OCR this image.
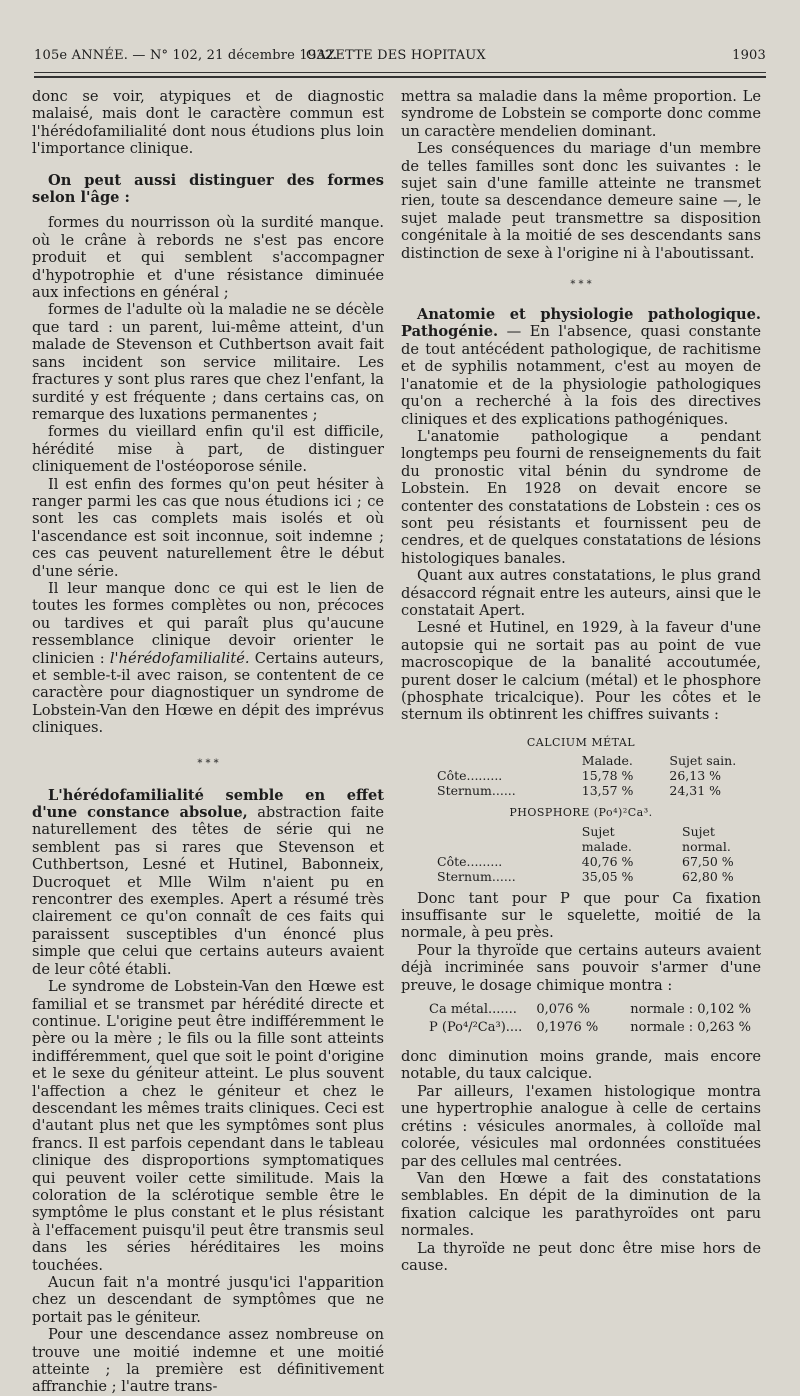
105e ANNÉE. — N° 102, 21 décembre 1932.
GAZETTE DES HOPITAUX	1903

donc se voir, atypiques et de diagnostic malaisé, mais dont le caractère commun est l'hérédofamilialité dont nous étudions plus loin l'importance clinique.

On peut aussi distinguer des formes selon l'âge :

formes du nourrisson où la surdité manque. où le crâne à rebords ne s'est pas encore produit et qui semblent s'accompagner d'hypotrophie et d'une résistance diminuée aux infections en général ;

formes de l'adulte où la maladie ne se décèle que tard : un parent, lui-même atteint, d'un malade de Stevenson et Cuthbertson avait fait sans incident son service militaire. Les fractures y sont plus rares que chez l'enfant, la surdité y est fréquente ; dans certains cas, on remarque des luxations permanentes ;

formes du vieillard enfin qu'il est difficile, hérédité mise à part, de distinguer cliniquement de l'ostéoporose sénile.

Il est enfin des formes qu'on peut hésiter à ranger parmi les cas que nous étudions ici ; ce sont les cas complets mais isolés et où l'ascendance est soit inconnue, soit indemne ; ces cas peuvent naturellement être le début d'une série.

Il leur manque donc ce qui est le lien de toutes les formes complètes ou non, précoces ou tardives et qui paraît plus qu'aucune ressemblance clinique devoir orienter le clinicien : l'hérédofamilialité. Certains auteurs, et semble-t-il avec raison, se contentent de ce caractère pour diagnostiquer un syndrome de Lobstein-Van den Hœwe en dépit des imprévus cliniques.

* * *

L'hérédofamilialité semble en effet d'une constance absolue, abstraction faite naturellement des têtes de série qui ne semblent pas si rares que Stevenson et Cuthbertson, Lesné et Hutinel, Babonneix, Ducroquet et Mlle Wilm n'aient pu en rencontrer des exemples. Apert a résumé très clairement ce qu'on connaît de ces faits qui paraissent susceptibles d'un énoncé plus simple que celui que certains auteurs avaient de leur côté établi.

Le syndrome de Lobstein-Van den Hœwe est familial et se transmet par hérédité directe et continue. L'origine peut être indifféremment le père ou la mère ; le fils ou la fille sont atteints indifféremment, quel que soit le point d'origine et le sexe du géniteur atteint. Le plus souvent l'affection a chez le géniteur et chez le descendant les mêmes traits cliniques. Ceci est d'autant plus net que les symptômes sont plus francs. Il est parfois cependant dans le tableau clinique des disproportions symptomatiques qui peuvent voiler cette similitude. Mais la coloration de la sclérotique semble être le symptôme le plus constant et le plus résistant à l'effacement puisqu'il peut être transmis seul dans les séries héréditaires les moins touchées.

Aucun fait n'a montré jusqu'ici l'apparition chez un descendant de symptômes que ne portait pas le géniteur.

Pour une descendance assez nombreuse on trouve une moitié indemne et une moitié atteinte ; la première est définitivement affranchie ; l'autre trans-

mettra sa maladie dans la même proportion. Le syndrome de Lobstein se comporte donc comme un caractère mendelien dominant.

Les conséquences du mariage d'un membre de telles familles sont donc les suivantes : le sujet sain d'une famille atteinte ne transmet rien, toute sa descendance demeure saine —, le sujet malade peut transmettre sa disposition congénitale à la moitié de ses descendants sans distinction de sexe à l'origine ni à l'aboutissant.

* * *

Anatomie et physiologie pathologique. Pathogénie. — En l'absence, quasi constante de tout antécédent pathologique, de rachitisme et de syphilis notamment, c'est au moyen de l'anatomie et de la physiologie pathologiques qu'on a recherché à la fois des directives cliniques et des explications pathogéniques.

L'anatomie pathologique a pendant longtemps peu fourni de renseignements du fait du pronostic vital bénin du syndrome de Lobstein. En 1928 on devait encore se contenter des constatations de Lobstein : ces os sont peu résistants et fournissent peu de cendres, et de quelques constatations de lésions histologiques banales.

Quant aux autres constatations, le plus grand désaccord régnait entre les auteurs, ainsi que le constatait Apert.

Lesné et Hutinel, en 1929, à la faveur d'une autopsie qui ne sortait pas au point de vue macroscopique de la banalité accoutumée, purent doser le calcium (métal) et le phosphore (phosphate tricalcique). Pour les côtes et le sternum ils obtinrent les chiffres suivants :

CALCIUM MÉTAL
	Malade.	Sujet sain.
Côte.........	15,78 %	26,13 %
Sternum......	13,57 %	24,31 %
PHOSPHORE (Po⁴)²Ca³.
	Sujet malade.	Sujet normal.
Côte.........	40,76 %	67,50 %
Sternum......	35,05 %	62,80 %

Donc tant pour P que pour Ca fixation insuffisante sur le squelette, moitié de la normale, à peu près.

Pour la thyroïde que certains auteurs avaient déjà incriminée sans pouvoir s'armer d'une preuve, le dosage chimique montra :

Ca métal.......	0,076 %	normale : 0,102 %
P (Po⁴/²Ca³)....	0,1976 %	normale : 0,263 %

donc diminution moins grande, mais encore notable, du taux calcique.

Par ailleurs, l'examen histologique montra une hypertrophie analogue à celle de certains crétins : vésicules anormales, à colloïde mal colorée, vésicules mal ordonnées constituées par des cellules mal centrées.

Van den Hœwe a fait des constatations semblables. En dépit de la diminution de la fixation calcique les parathyroïdes ont paru normales.

La thyroïde ne peut donc être mise hors de cause.
